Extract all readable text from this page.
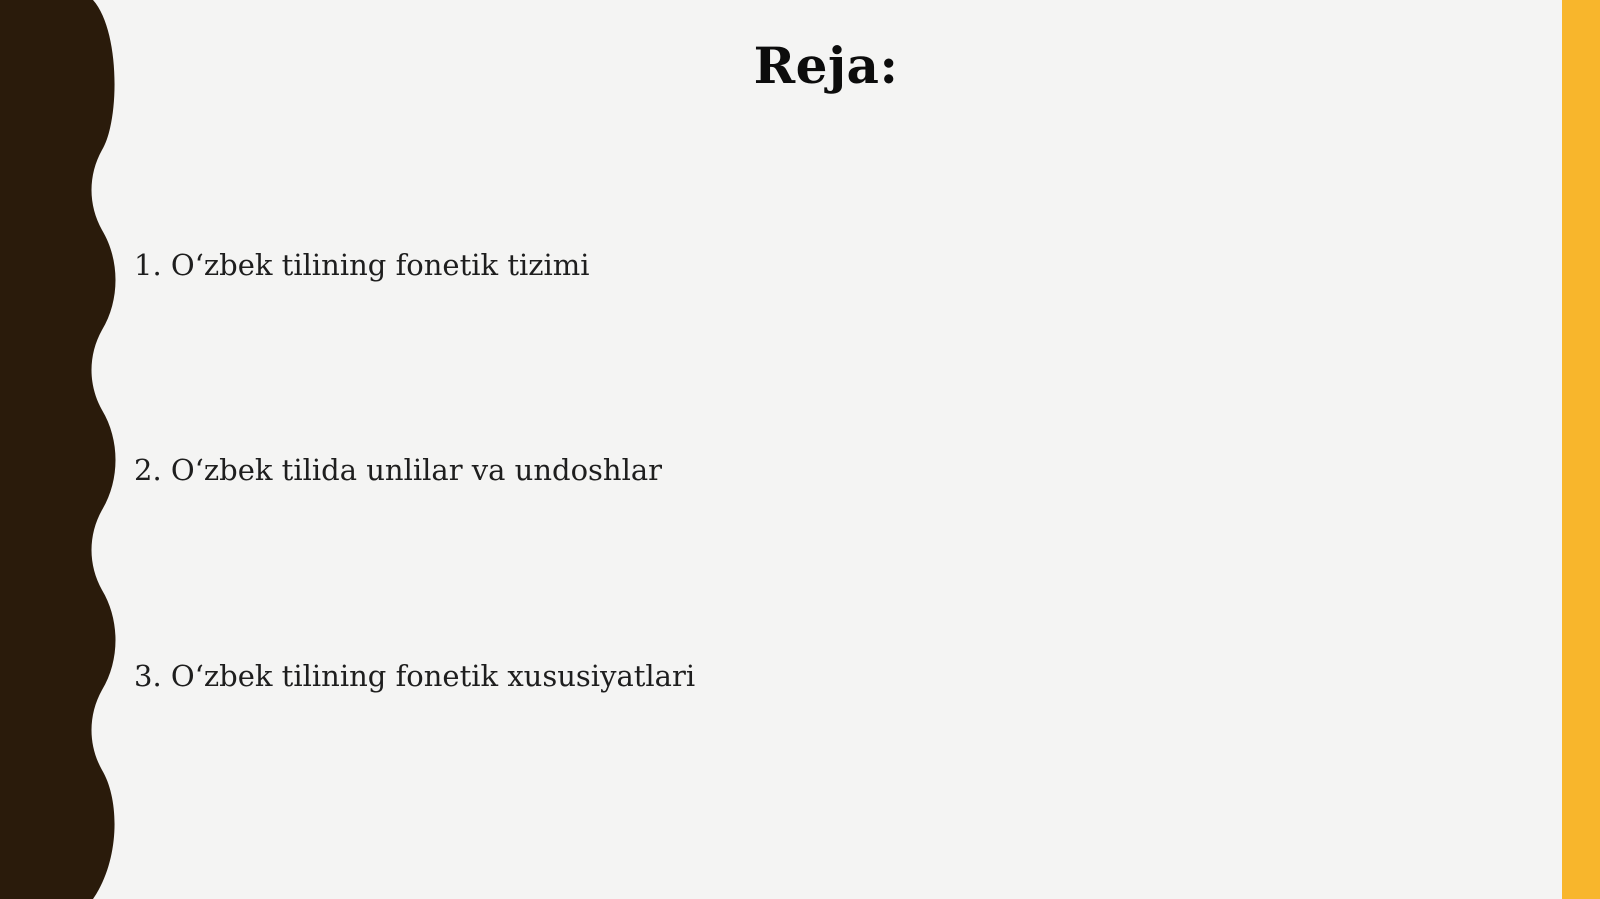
Reja:
1. O‘zbek tilining fonetik tizimi
2. O‘zbek tilida unlilar va undoshlar
3. O‘zbek tilining fonetik xususiyatlari
